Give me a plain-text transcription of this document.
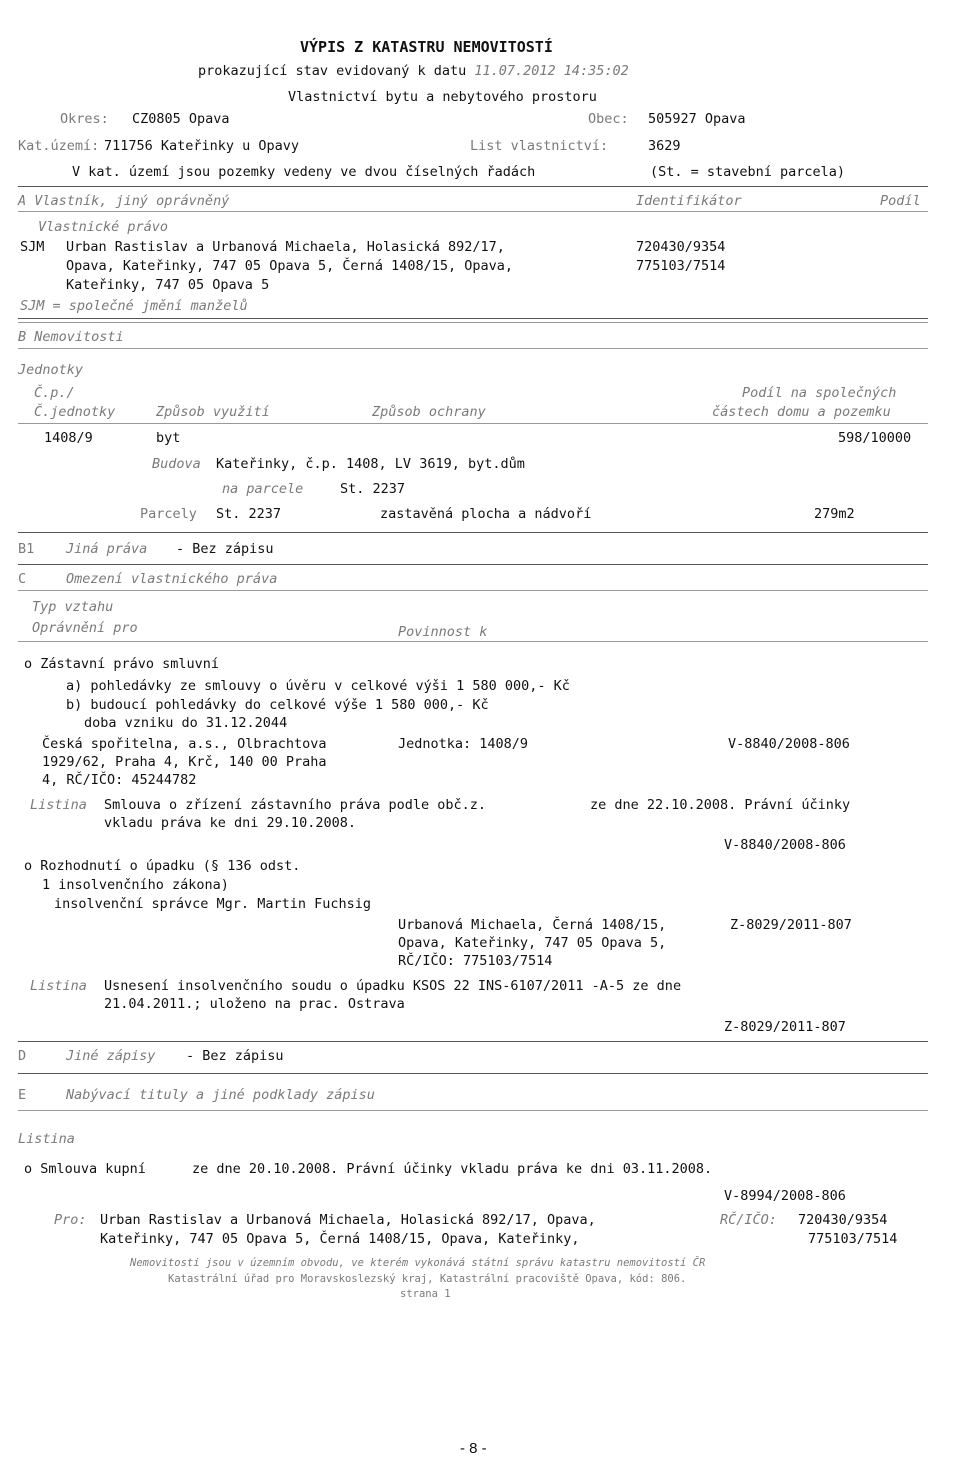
VÝPIS Z KATASTRU NEMOVITOSTÍ
prokazující stav evidovaný k datu 11.07.2012 14:35:02
Vlastnictví bytu a nebytového prostoru
Okres: CZ0805 Opava	Obec: 505927 Opava
Kat.území: 711756 Kateřinky u Opavy	List vlastnictví:	3629
V kat. území jsou pozemky vedeny ve dvou číselných řadách	(St. = stavební parcela)
A Vlastník, jiný oprávněný	Identifikátor	Podíl
Vlastnické právo
SJM Urban Rastislav a Urbanová Michaela, Holasická 892/17,
Opava, Kateřinky, 747 05 Opava 5, Černá 1408/15, Opava,
Kateřinky, 747 05 Opava 5
720430/9354
775103/7514
SJM = společné jmění manželů
B Nemovitosti
Jednotky
Č.p./
Č.jednotky	Způsob využití	Způsob ochrany
Podíl na společných
částech domu a pozemku
1408/9	byt	598/10000
Budova Kateřinky, č.p. 1408, LV 3619, byt.dům
na parcele	St. 2237
Parcely St. 2237	zastavěná plocha a nádvoří	279m2
B1 Jiná práva - Bez zápisu
C	Omezení vlastnického práva
Typ vztahu
Oprávnění pro	Povinnost k
o Zástavní právo smluvní
a) pohledávky ze smlouvy o úvěru v celkové výši 1 580 000,- Kč
b) budoucí pohledávky do celkové výše 1 580 000,- Kč
doba vzniku do 31.12.2044
Česká spořitelna, a.s., Olbrachtova
1929/62, Praha 4, Krč, 140 00 Praha
4, RČ/IČO: 45244782
Jednotka: 1408/9	V-8840/2008-806
Listina Smlouva o zřízení zástavního práva podle obč.z.	ze dne 22.10.2008. Právní účinky
vkladu práva ke dni 29.10.2008.
V-8840/2008-806
o Rozhodnutí o úpadku (§ 136 odst.
1 insolvenčního zákona)
insolvenční správce Mgr. Martin Fuchsig
Urbanová Michaela, Černá 1408/15,
Opava, Kateřinky, 747 05 Opava 5,
RČ/IČO: 775103/7514
Z-8029/2011-807
Listina Usnesení insolvenčního soudu o úpadku KSOS 22 INS-6107/2011 -A-5 ze dne
21.04.2011.; uloženo na prac. Ostrava
Z-8029/2011-807
D	Jiné zápisy - Bez zápisu
E	Nabývací tituly a jiné podklady zápisu
Listina
o Smlouva kupní	ze dne 20.10.2008. Právní účinky vkladu práva ke dni 03.11.2008.
V-8994/2008-806
Pro: Urban Rastislav a Urbanová Michaela, Holasická 892/17, Opava,
Kateřinky, 747 05 Opava 5, Černá 1408/15, Opava, Kateřinky,
RČ/IČO: 720430/9354
775103/7514
Nemovitosti jsou v územním obvodu, ve kterém vykonává státní správu katastru nemovitostí ČR
Katastrální úřad pro Moravskoslezský kraj, Katastrální pracoviště Opava, kód: 806.
strana 1
- 8 -
